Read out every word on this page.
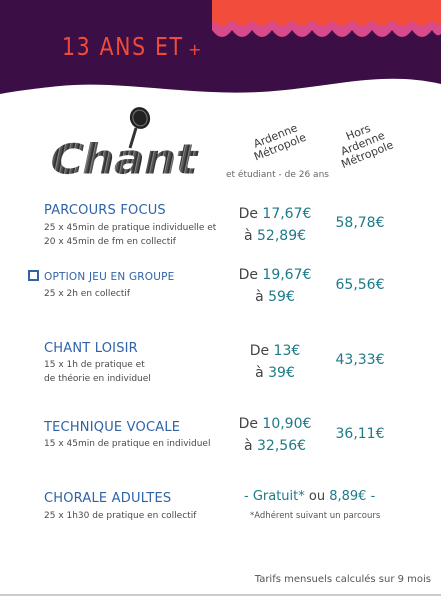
13 ANS ET +
Chant	Ardenne Métropole	Hors Ardenne Métropole
et étudiant - de 26 ans
PARCOURS FOCUS
25 x 45min de pratique individuelle et
20 x 45min de fm en collectif
De 17,67€
à 52,89€
58,78€
OPTION JEU EN GROUPE
25 x 2h en collectif
De 19,67€
à 59€
65,56€
CHANT LOISIR
15 x 1h de pratique et
de théorie en individuel
De 13€
à 39€
43,33€
TECHNIQUE VOCALE
15 x 45min de pratique en individuel
De 10,90€
à 32,56€
36,11€
CHORALE ADULTES
25 x 1h30 de pratique en collectif
- Gratuit* ou 8,89€ -
*Adhérent suivant un parcours
Tarifs mensuels calculés sur 9 mois
